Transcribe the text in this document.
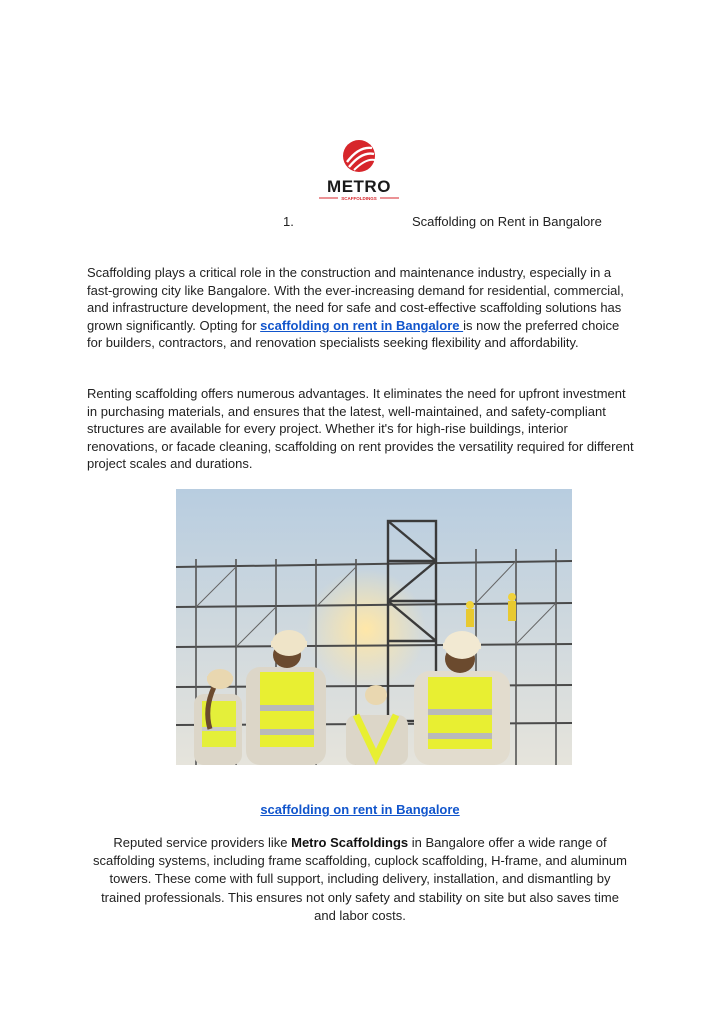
METRO
SCAFFOLDINGS
1.	Scaffolding on Rent in Bangalore

Scaffolding plays a critical role in the construction and maintenance industry, especially in a fast-growing city like Bangalore. With the ever-increasing demand for residential, commercial, and infrastructure development, the need for safe and cost-effective scaffolding solutions has grown significantly. Opting for scaffolding on rent in Bangalore is now the preferred choice for builders, contractors, and renovation specialists seeking flexibility and affordability.

Renting scaffolding offers numerous advantages. It eliminates the need for upfront investment in purchasing materials, and ensures that the latest, well-maintained, and safety-compliant structures are available for every project. Whether it's for high-rise buildings, interior renovations, or facade cleaning, scaffolding on rent provides the versatility required for different project scales and durations.

scaffolding on rent in Bangalore

Reputed service providers like Metro Scaffoldings in Bangalore offer a wide range of scaffolding systems, including frame scaffolding, cuplock scaffolding, H-frame, and aluminum towers. These come with full support, including delivery, installation, and dismantling by trained professionals. This ensures not only safety and stability on site but also saves time and labor costs.
